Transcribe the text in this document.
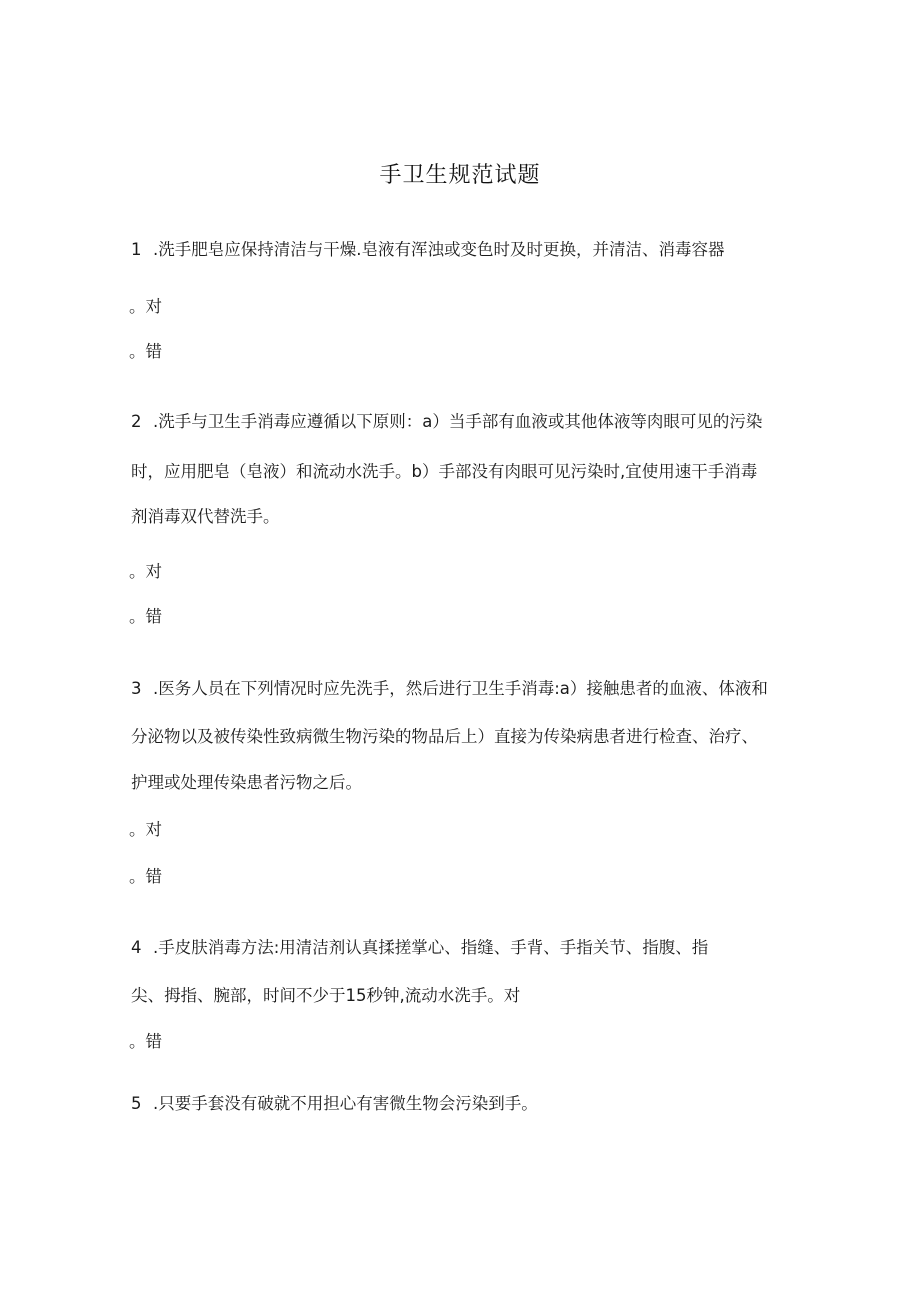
手卫生规范试题
1 .洗手肥皂应保持清洁与干燥.皂液有浑浊或变色时及时更换，并清洁、消毒容器
。对
。错
2 .洗手与卫生手消毒应遵循以下原则：a）当手部有血液或其他体液等肉眼可见的污染
时，应用肥皂（皂液）和流动水洗手。b）手部没有肉眼可见污染时,宜使用速干手消毒
剂消毒双代替洗手。
。对
。错
3 .医务人员在下列情况时应先洗手，然后进行卫生手消毒:a）接触患者的血液、体液和
分泌物以及被传染性致病微生物污染的物品后上）直接为传染病患者进行检查、治疗、
护理或处理传染患者污物之后。
。对
。错
4 .手皮肤消毒方法:用清洁剂认真揉搓掌心、指缝、手背、手指关节、指腹、指
尖、拇指、腕部，时间不少于15秒钟,流动水洗手。对
。错
5 .只要手套没有破就不用担心有害微生物会污染到手。
